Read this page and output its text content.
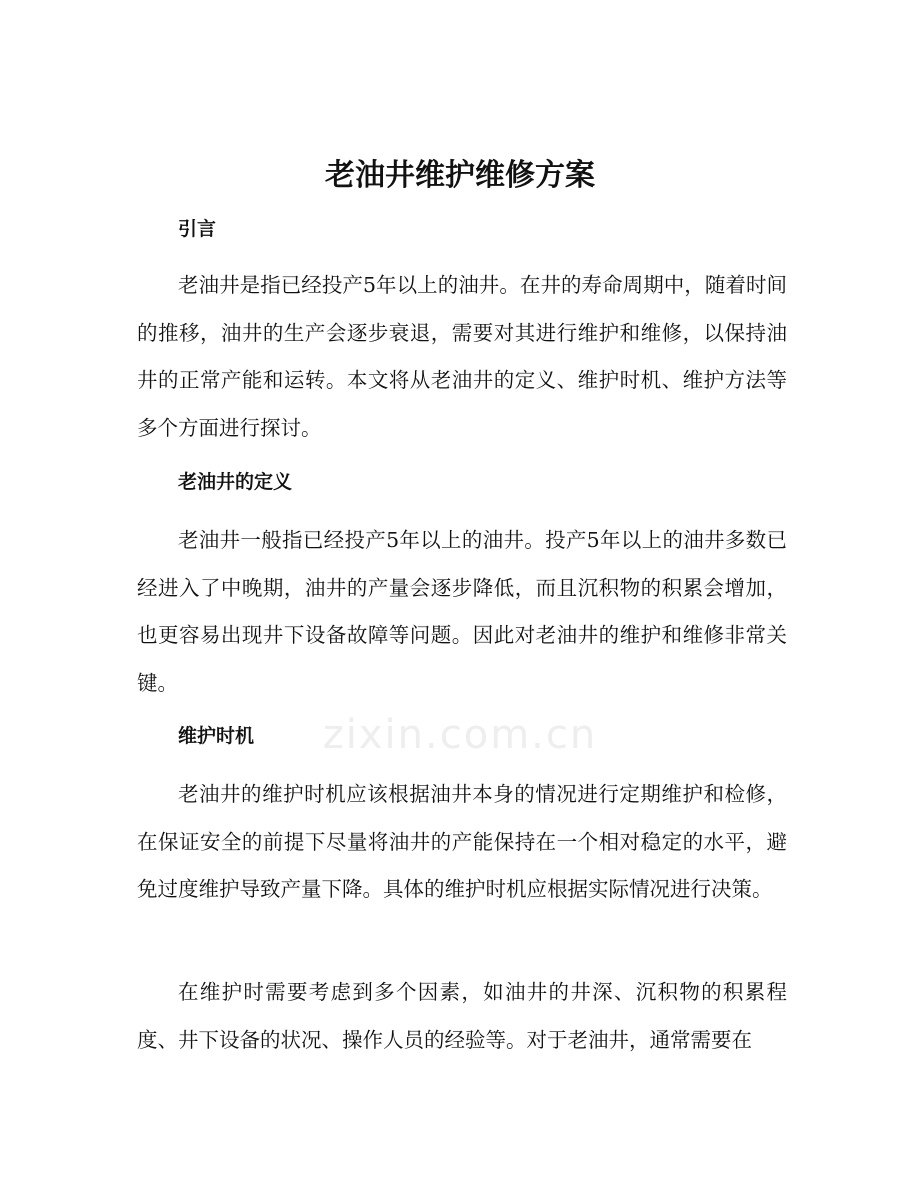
zixin.com.cn
老油井维护维修方案
引言

老油井是指已经投产5年以上的油井。在井的寿命周期中，随着时间的推移，油井的生产会逐步衰退，需要对其进行维护和维修，以保持油井的正常产能和运转。本文将从老油井的定义、维护时机、维护方法等多个方面进行探讨。

老油井的定义

老油井一般指已经投产5年以上的油井。投产5年以上的油井多数已经进入了中晚期，油井的产量会逐步降低，而且沉积物的积累会增加，也更容易出现井下设备故障等问题。因此对老油井的维护和维修非常关键。

维护时机

老油井的维护时机应该根据油井本身的情况进行定期维护和检修，在保证安全的前提下尽量将油井的产能保持在一个相对稳定的水平，避免过度维护导致产量下降。具体的维护时机应根据实际情况进行决策。

在维护时需要考虑到多个因素，如油井的井深、沉积物的积累程度、井下设备的状况、操作人员的经验等。对于老油井，通常需要在
